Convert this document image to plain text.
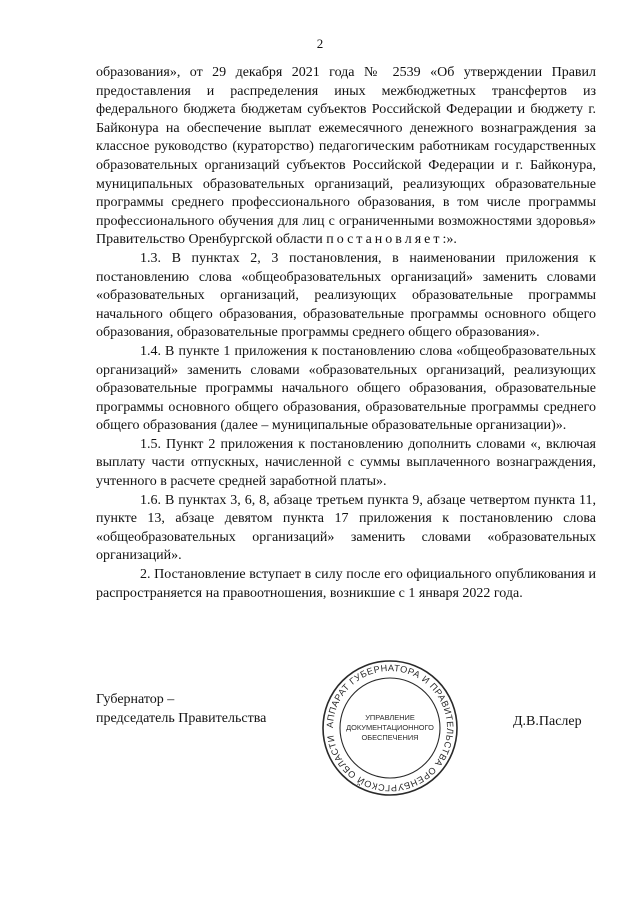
2

образования», от 29 декабря 2021 года № 2539 «Об утверждении Правил предоставления и распределения иных межбюджетных трансфертов из федерального бюджета бюджетам субъектов Российской Федерации и бюджету г. Байконура на обеспечение выплат ежемесячного денежного вознаграждения за классное руководство (кураторство) педагогическим работникам государственных образовательных организаций субъектов Российской Федерации и г. Байконура, муниципальных образовательных организаций, реализующих образовательные программы среднего профессионального образования, в том числе программы профессионального обучения для лиц с ограниченными возможностями здоровья» Правительство Оренбургской области постановляет:».

1.3. В пунктах 2, 3 постановления, в наименовании приложения к постановлению слова «общеобразовательных организаций» заменить словами «образовательных организаций, реализующих образовательные программы начального общего образования, образовательные программы основного общего образования, образовательные программы среднего общего образования».

1.4. В пункте 1 приложения к постановлению слова «общеобразовательных организаций» заменить словами «образовательных организаций, реализующих образовательные программы начального общего образования, образовательные программы основного общего образования, образовательные программы среднего общего образования (далее – муниципальные образовательные организации)».

1.5. Пункт 2 приложения к постановлению дополнить словами «, включая выплату части отпускных, начисленной с суммы выплаченного вознаграждения, учтенного в расчете средней заработной платы».

1.6. В пунктах 3, 6, 8, абзаце третьем пункта 9, абзаце четвертом пункта 11, пункте 13, абзаце девятом пункта 17 приложения к постановлению слова «общеобразовательных организаций» заменить словами «образовательных организаций».

2. Постановление вступает в силу после его официального опубликования и распространяется на правоотношения, возникшие с 1 января 2022 года.

Губернатор –
председатель Правительства	АППАРАТ ГУБЕРНАТОРА И ПРАВИТЕЛЬСТВА ОРЕНБУРГСКОЙ ОБЛАСТИ
УПРАВЛЕНИЕ
ДОКУМЕНТАЦИОННОГО
ОБЕСПЕЧЕНИЯ
Д.В.Паслер
